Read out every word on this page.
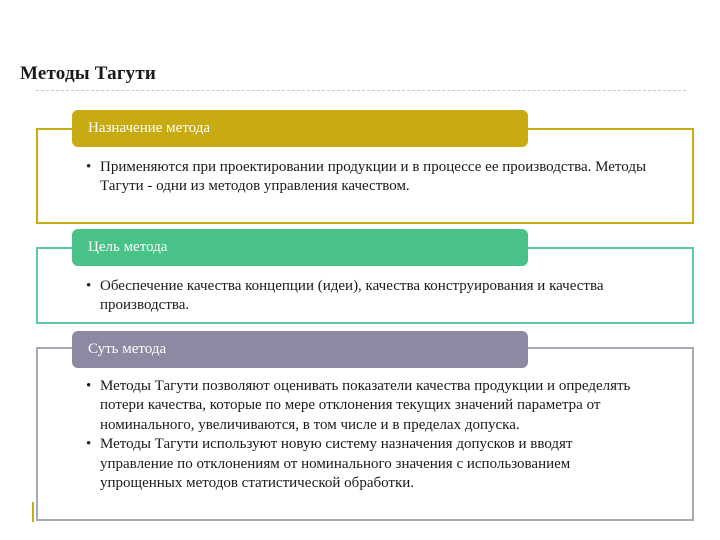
Методы Тагути
Назначение метода
• Применяются при проектировании продукции и в процессе ее производства. Методы Тагути - одни из методов управления качеством.
Цель метода
• Обеспечение качества концепции (идеи), качества конструирования и качества производства.
Суть метода
• Методы Тагути позволяют оценивать показатели качества продукции и определять потери качества, которые по мере отклонения текущих значений параметра от номинального, увеличиваются, в том числе и в пределах допуска.
• Методы Тагути используют новую систему назначения допусков и вводят управление по отклонениям от номинального значения с использованием упрощенных методов статистической обработки.
